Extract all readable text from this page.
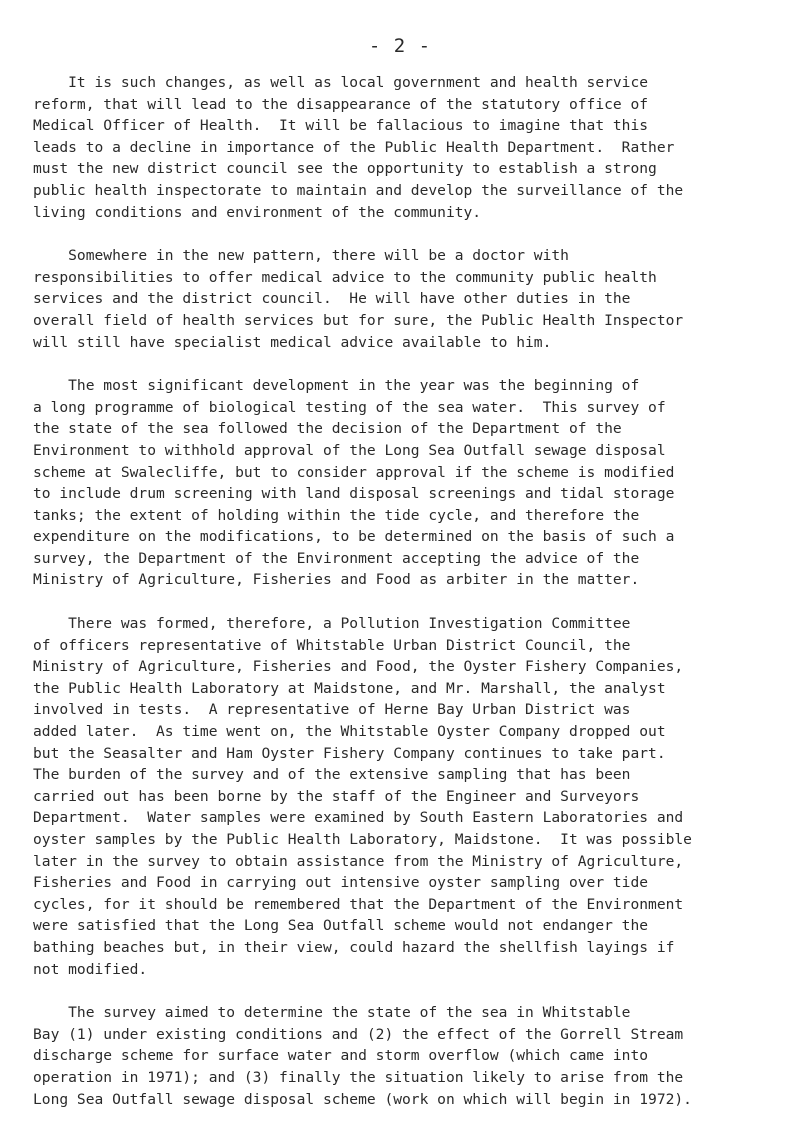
- 2 -

It is such changes, as well as local government and health service
reform, that will lead to the disappearance of the statutory office of
Medical Officer of Health.  It will be fallacious to imagine that this
leads to a decline in importance of the Public Health Department.  Rather
must the new district council see the opportunity to establish a strong
public health inspectorate to maintain and develop the surveillance of the
living conditions and environment of the community.

Somewhere in the new pattern, there will be a doctor with
responsibilities to offer medical advice to the community public health
services and the district council.  He will have other duties in the
overall field of health services but for sure, the Public Health Inspector
will still have specialist medical advice available to him.

The most significant development in the year was the beginning of
a long programme of biological testing of the sea water.  This survey of
the state of the sea followed the decision of the Department of the
Environment to withhold approval of the Long Sea Outfall sewage disposal
scheme at Swalecliffe, but to consider approval if the scheme is modified
to include drum screening with land disposal screenings and tidal storage
tanks; the extent of holding within the tide cycle, and therefore the
expenditure on the modifications, to be determined on the basis of such a
survey, the Department of the Environment accepting the advice of the
Ministry of Agriculture, Fisheries and Food as arbiter in the matter.

There was formed, therefore, a Pollution Investigation Committee
of officers representative of Whitstable Urban District Council, the
Ministry of Agriculture, Fisheries and Food, the Oyster Fishery Companies,
the Public Health Laboratory at Maidstone, and Mr. Marshall, the analyst
involved in tests.  A representative of Herne Bay Urban District was
added later.  As time went on, the Whitstable Oyster Company dropped out
but the Seasalter and Ham Oyster Fishery Company continues to take part.
The burden of the survey and of the extensive sampling that has been
carried out has been borne by the staff of the Engineer and Surveyors
Department.  Water samples were examined by South Eastern Laboratories and
oyster samples by the Public Health Laboratory, Maidstone.  It was possible
later in the survey to obtain assistance from the Ministry of Agriculture,
Fisheries and Food in carrying out intensive oyster sampling over tide
cycles, for it should be remembered that the Department of the Environment
were satisfied that the Long Sea Outfall scheme would not endanger the
bathing beaches but, in their view, could hazard the shellfish layings if
not modified.

The survey aimed to determine the state of the sea in Whitstable
Bay (1) under existing conditions and (2) the effect of the Gorrell Stream
discharge scheme for surface water and storm overflow (which came into
operation in 1971); and (3) finally the situation likely to arise from the
Long Sea Outfall sewage disposal scheme (work on which will begin in 1972).
